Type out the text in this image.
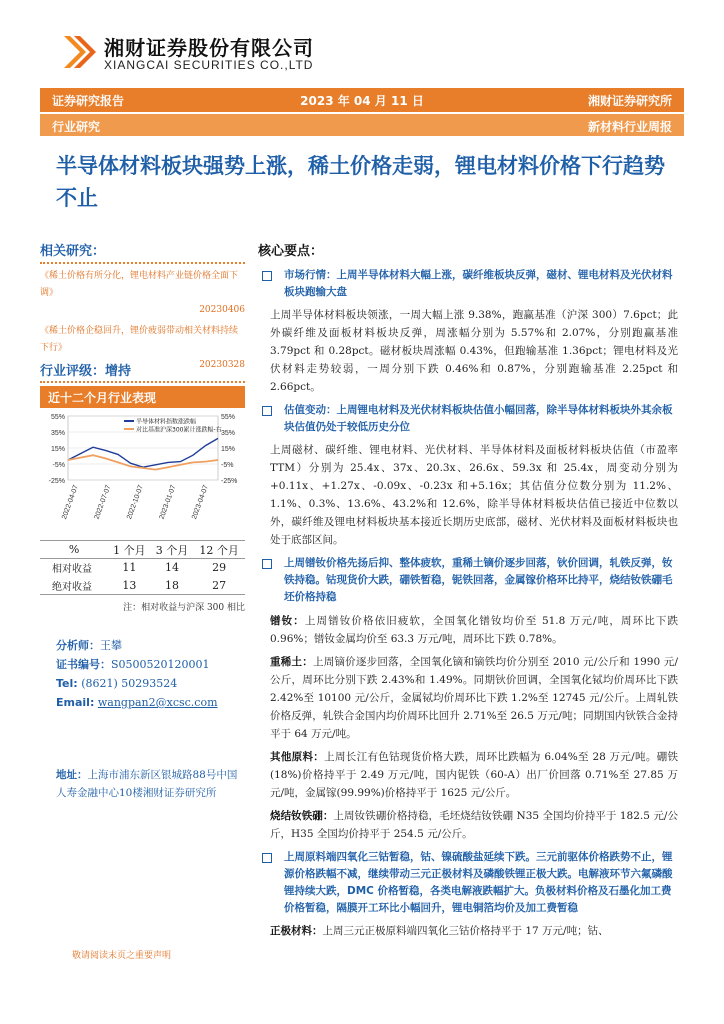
湘财证券股份有限公司
XIANGCAI SECURITIES CO.,LTD
2023 年 04 月 11 日
证券研究报告	湘财证券研究所
行业研究	新材料行业周报
半导体材料板块强势上涨，稀土价格走弱，锂电材料价格下行趋势不止
相关研究：
《稀土价格有所分化，锂电材料产业链价格全面下调》
20230406
《稀土价格企稳回升，锂价疲弱带动相关材料持续下行》
20230328
行业评级：增持
近十二个月行业表现
半导体材料指数涨跌幅
对比基准沪深300累计涨跌幅-右
55%	55%
35%	35%
15%	15%
-5%	-5%
-25%	-25%
2022-04-07 2022-07-07 2022-10-07 2023-01-07 2023-04-07
%	1 个月	3 个月	12 个月
相对收益	11	14	29
绝对收益	13	18	27
注：相对收益与沪深 300 相比
分析师：王攀
证书编号：S0500520120001
Tel: (8621) 50293524
Email: wangpan2@xcsc.com
地址：上海市浦东新区银城路88号中国人寿金融中心10楼湘财证券研究所
核心要点：
市场行情：上周半导体材料大幅上涨，碳纤维板块反弹，磁材、锂电材料及光伏材料板块跑输大盘
上周半导体材料板块领涨，一周大幅上涨 9.38%，跑赢基准（沪深 300）7.6pct；此外碳纤维及面板材料板块反弹，周涨幅分别为 5.57%和 2.07%，分别跑赢基准 3.79pct 和 0.28pct。磁材板块周涨幅 0.43%，但跑输基准 1.36pct；锂电材料及光伏材料走势较弱，一周分别下跌 0.46%和 0.87%，分别跑输基准 2.25pct 和 2.66pct。
估值变动：上周锂电材料及光伏材料板块估值小幅回落，除半导体材料板块外其余板块估值仍处于较低历史分位
上周磁材、碳纤维、锂电材料、光伏材料、半导体材料及面板材料板块估值（市盈率 TTM）分别为 25.4x、37x、20.3x、26.6x、59.3x 和 25.4x，周变动分别为+0.11x、+1.27x、-0.09x、-0.23x 和+5.16x；其估值分位数分别为 11.2%、1.1%、0.3%、13.6%、43.2%和 12.6%，除半导体材料板块估值已接近中位数以外，碳纤维及锂电材料板块基本接近长期历史底部，磁材、光伏材料及面板材料板块也处于底部区间。
上周镨钕价格先扬后抑、整体疲软，重稀土镝价逐步回落，钬价回调，轧铁反弹，钕铁持稳。钴现货价大跌，硼铁暂稳，铌铁回落，金属镓价格环比持平，烧结钕铁硼毛坯价格持稳
镨钕：上周镨钕价格依旧疲软，全国氧化镨钕均价至 51.8 万元/吨，周环比下跌 0.96%；镨钕金属均价至 63.3 万元/吨，周环比下跌 0.78%。
重稀土：上周镝价逐步回落，全国氧化镝和镝铁均价分别至 2010 元/公斤和 1990 元/公斤，周环比分别下跌 2.43%和 1.49%。同期钬价回调，全国氧化铽均价周环比下跌 2.42%至 10100 元/公斤，金属铽均价周环比下跌 1.2%至 12745 元/公斤。上周轧铁价格反弹，轧铁合金国内均价周环比回升 2.71%至 26.5 万元/吨；同期国内钬铁合金持平于 64 万元/吨。
其他原料：上周长江有色钴现货价格大跌，周环比跌幅为 6.04%至 28 万元/吨。硼铁(18%)价格持平于 2.49 万元/吨，国内铌铁（60-A）出厂价回落 0.71%至 27.85 万元/吨，金属镓(99.99%)价格持平于 1625 元/公斤。
烧结钕铁硼：上周钕铁硼价格持稳，毛坯烧结钕铁硼 N35 全国均价持平于 182.5 元/公斤，H35 全国均价持平于 254.5 元/公斤。
上周原料端四氧化三钴暂稳，钴、镍硫酸盐延续下跌。三元前驱体价格跌势不止，锂源价格跌幅不减，继续带动三元正极材料及磷酸铁锂正极大跌。电解液环节六氟磷酸锂持续大跌，DMC 价格暂稳，各类电解液跌幅扩大。负极材料价格及石墨化加工费价格暂稳，隔膜开工环比小幅回升，锂电铜箔均价及加工费暂稳
正极材料：上周三元正极原料端四氧化三钴价格持平于 17 万元/吨；钴、
敬请阅读末页之重要声明
